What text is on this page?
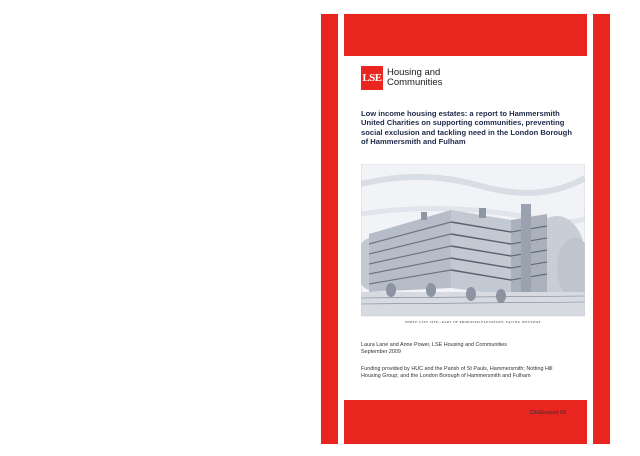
LSE Housing and
Communities
Low income housing estates: a report to Hammersmith
United Charities on supporting communities, preventing
social exclusion and tackling need in the London Borough
of Hammersmith and Fulham
WHITE CITY SITE—PART OF PROPOSED ELEVATION, FACING WESTWAY
Laura Lane and Anne Power, LSE Housing and Communities
September 2009
Funding provided by HUC and the Parish of St Pauls, Hammersmith; Notting Hill
Housing Group; and the London Borough of Hammersmith and Fulham
CASEreport 59
